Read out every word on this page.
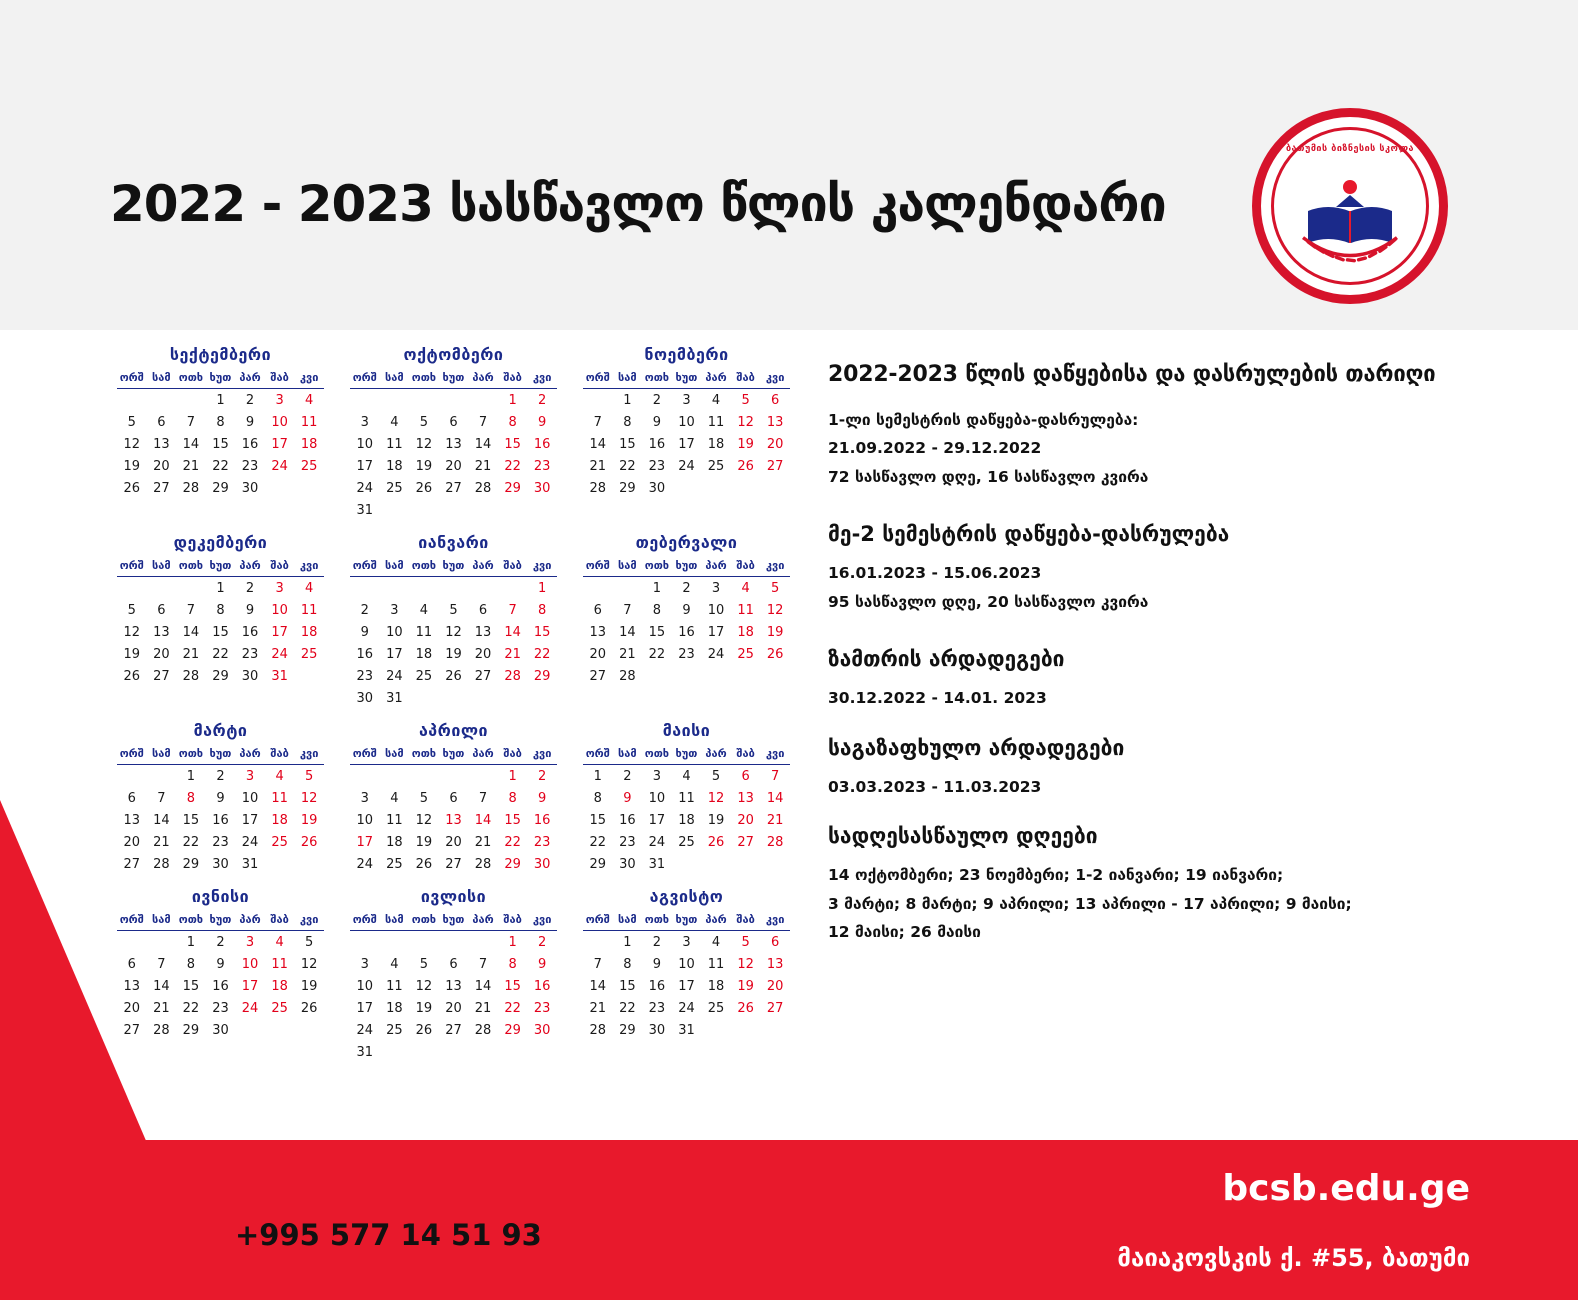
2022 - 2023 სასწავლო წლის კალენდარი
ბათუმის ბიზნესის სკოლა
+995 577 14 51 93
bcsb.edu.ge
მაიაკოვსკის ქ. #55, ბათუმი
სექტემბერი
ორშ	სამ	ოთხ	ხუთ	პარ	შაბ	კვი
			1	2	3	4
5	6	7	8	9	10	11
12	13	14	15	16	17	18
19	20	21	22	23	24	25
26	27	28	29	30		
ოქტომბერი
ორშ	სამ	ოთხ	ხუთ	პარ	შაბ	კვი
					1	2
3	4	5	6	7	8	9
10	11	12	13	14	15	16
17	18	19	20	21	22	23
24	25	26	27	28	29	30
31						
ნოემბერი
ორშ	სამ	ოთხ	ხუთ	პარ	შაბ	კვი
	1	2	3	4	5	6
7	8	9	10	11	12	13
14	15	16	17	18	19	20
21	22	23	24	25	26	27
28	29	30				
დეკემბერი
ორშ	სამ	ოთხ	ხუთ	პარ	შაბ	კვი
			1	2	3	4
5	6	7	8	9	10	11
12	13	14	15	16	17	18
19	20	21	22	23	24	25
26	27	28	29	30	31	
იანვარი
ორშ	სამ	ოთხ	ხუთ	პარ	შაბ	კვი
						1
2	3	4	5	6	7	8
9	10	11	12	13	14	15
16	17	18	19	20	21	22
23	24	25	26	27	28	29
30	31					
თებერვალი
ორშ	სამ	ოთხ	ხუთ	პარ	შაბ	კვი
		1	2	3	4	5
6	7	8	9	10	11	12
13	14	15	16	17	18	19
20	21	22	23	24	25	26
27	28					
მარტი
ორშ	სამ	ოთხ	ხუთ	პარ	შაბ	კვი
		1	2	3	4	5
6	7	8	9	10	11	12
13	14	15	16	17	18	19
20	21	22	23	24	25	26
27	28	29	30	31		
აპრილი
ორშ	სამ	ოთხ	ხუთ	პარ	შაბ	კვი
					1	2
3	4	5	6	7	8	9
10	11	12	13	14	15	16
17	18	19	20	21	22	23
24	25	26	27	28	29	30
მაისი
ორშ	სამ	ოთხ	ხუთ	პარ	შაბ	კვი
1	2	3	4	5	6	7
8	9	10	11	12	13	14
15	16	17	18	19	20	21
22	23	24	25	26	27	28
29	30	31				
ივნისი
ორშ	სამ	ოთხ	ხუთ	პარ	შაბ	კვი
		1	2	3	4	5
6	7	8	9	10	11	12
13	14	15	16	17	18	19
20	21	22	23	24	25	26
27	28	29	30			
ივლისი
ორშ	სამ	ოთხ	ხუთ	პარ	შაბ	კვი
					1	2
3	4	5	6	7	8	9
10	11	12	13	14	15	16
17	18	19	20	21	22	23
24	25	26	27	28	29	30
31						
აგვისტო
ორშ	სამ	ოთხ	ხუთ	პარ	შაბ	კვი
	1	2	3	4	5	6
7	8	9	10	11	12	13
14	15	16	17	18	19	20
21	22	23	24	25	26	27
28	29	30	31			
2022-2023 წლის დაწყებისა და დასრულების თარიღი

1-ლი სემესტრის დაწყება-დასრულება:

21.09.2022 - 29.12.2022

72 სასწავლო დღე, 16 სასწავლო კვირა

მე-2 სემესტრის დაწყება-დასრულება

16.01.2023 - 15.06.2023

95 სასწავლო დღე, 20 სასწავლო კვირა

ზამთრის არდადეგები

30.12.2022 - 14.01. 2023

საგაზაფხულო არდადეგები

03.03.2023 - 11.03.2023

სადღესასწაულო დღეები

14 ოქტომბერი; 23 ნოემბერი; 1-2 იანვარი; 19 იანვარი;

3 მარტი; 8 მარტი; 9 აპრილი; 13 აპრილი - 17 აპრილი; 9 მაისი;

12 მაისი; 26 მაისი
